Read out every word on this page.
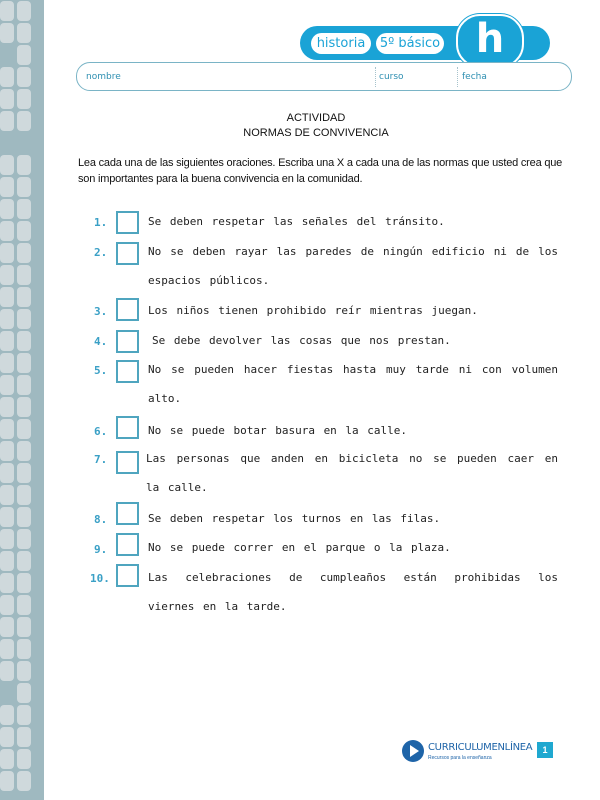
historia	5º básico h
nombre	curso	fecha
ACTIVIDAD
NORMAS DE CONVIVENCIA
Lea cada una de las siguientes oraciones. Escriba una X a cada una de las normas que usted crea que son importantes para la buena convivencia en la comunidad.
1.	Se deben respetar las señales del tránsito.
2.	No se deben rayar las paredes de ningún edificio ni de los espacios públicos.
3.	Los niños tienen prohibido reír mientras juegan.
4.	Se debe devolver las cosas que nos prestan.
5.	No se pueden hacer fiestas hasta muy tarde ni con volumen alto.
6.	No se puede botar basura en la calle.
7.	Las personas que anden en bicicleta no se pueden caer en la calle.
8.	Se deben respetar los turnos en las filas.
9.	No se puede correr en el parque o la plaza.
10.	Las celebraciones de cumpleaños están prohibidas los viernes en la tarde.
CURRICULUMENLÍNEA
Recursos para la enseñanza
1
